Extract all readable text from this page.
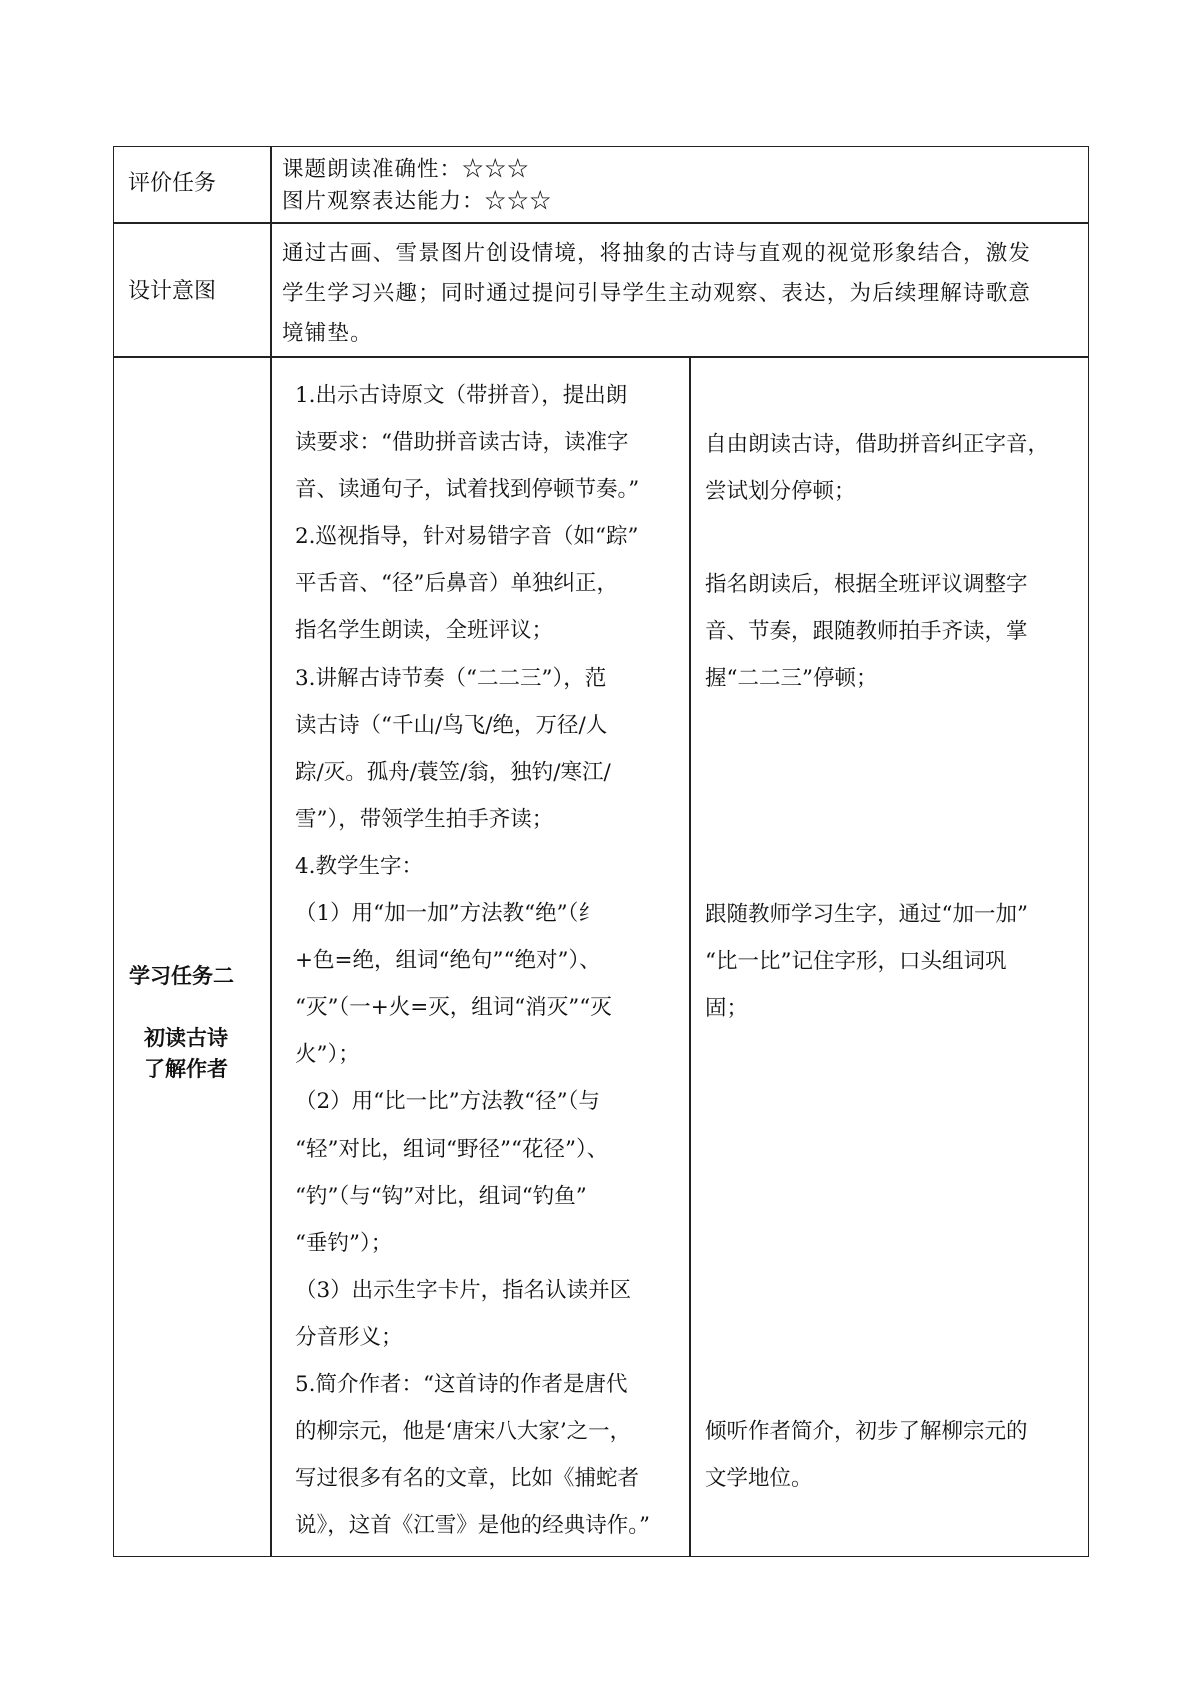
评价任务
课题朗读准确性：☆☆☆
图片观察表达能力：☆☆☆
设计意图
通过古画、雪景图片创设情境，将抽象的古诗与直观的视觉形象结合，激发
学生学习兴趣；同时通过提问引导学生主动观察、表达，为后续理解诗歌意
境铺垫。
学习任务二
初读古诗
了解作者
1.出示古诗原文（带拼音），提出朗
读要求：“借助拼音读古诗，读准字
音、读通句子，试着找到停顿节奏。”
2.巡视指导，针对易错字音（如“踪”
平舌音、“径”后鼻音）单独纠正，
指名学生朗读，全班评议；
3.讲解古诗节奏（“二二三”），范
读古诗（“千山/鸟飞/绝，万径/人
踪/灭。孤舟/蓑笠/翁，独钓/寒江/
雪”），带领学生拍手齐读；
4.教学生字：
（1）用“加一加”方法教“绝”（纟
+色=绝，组词“绝句”“绝对”）、
“灭”（一+火=灭，组词“消灭”“灭
火”）；
（2）用“比一比”方法教“径”（与
“轻”对比，组词“野径”“花径”）、
“钓”（与“钩”对比，组词“钓鱼”
“垂钓”）；
（3）出示生字卡片，指名认读并区
分音形义；
5.简介作者：“这首诗的作者是唐代
的柳宗元，他是‘唐宋八大家’之一，
写过很多有名的文章，比如《捕蛇者
说》，这首《江雪》是他的经典诗作。”
自由朗读古诗，借助拼音纠正字音，
尝试划分停顿；
指名朗读后，根据全班评议调整字
音、节奏，跟随教师拍手齐读，掌
握“二二三”停顿；
跟随教师学习生字，通过“加一加”
“比一比”记住字形，口头组词巩
固；
倾听作者简介，初步了解柳宗元的
文学地位。
